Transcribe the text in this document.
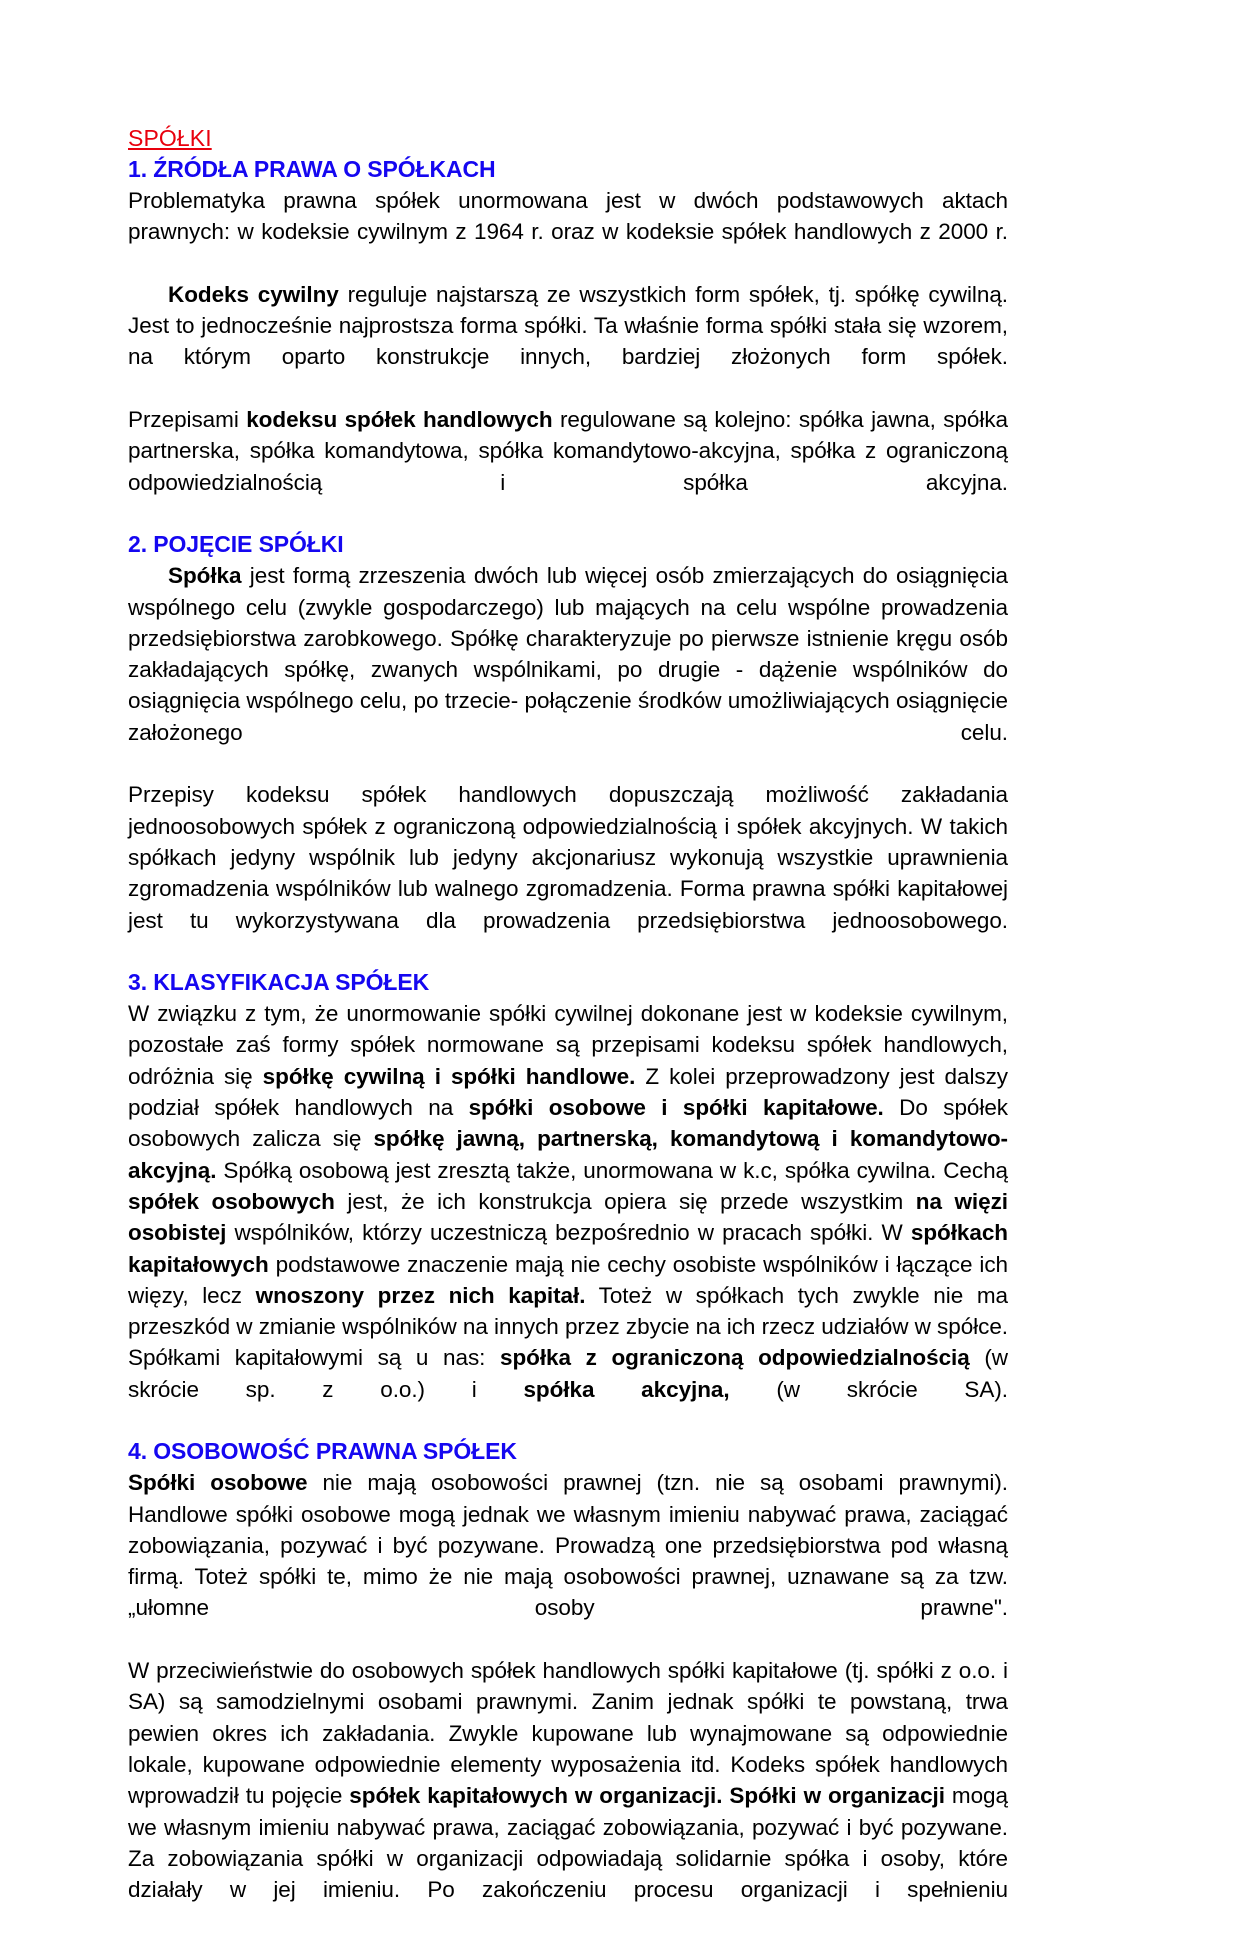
SPÓŁKI
1. ŹRÓDŁA PRAWA O SPÓŁKACH

Problematyka prawna spółek unormowana jest w dwóch podstawowych aktach prawnych: w kodeksie cywilnym z 1964 r. oraz w kodeksie spółek handlowych z 2000 r.

Kodeks cywilny reguluje najstarszą ze wszystkich form spółek, tj. spółkę cywilną. Jest to jednocześnie najprostsza forma spółki. Ta właśnie forma spółki stała się wzorem, na którym oparto konstrukcje innych, bardziej złożonych form spółek.

Przepisami kodeksu spółek handlowych regulowane są kolejno: spółka jawna, spółka partnerska, spółka komandytowa, spółka komandytowo-akcyjna, spółka z ograniczoną odpowiedzialnością i spółka akcyjna.

2. POJĘCIE SPÓŁKI

Spółka jest formą zrzeszenia dwóch lub więcej osób zmierzających do osiągnięcia wspólnego celu (zwykle gospodarczego) lub mających na celu wspólne prowadzenia przedsiębiorstwa zarobkowego. Spółkę charakteryzuje po pierwsze istnienie kręgu osób zakładających spółkę, zwanych wspólnikami, po drugie - dążenie wspólników do osiągnięcia wspólnego celu, po trzecie- połączenie środków umożliwiających osiągnięcie założonego celu.

Przepisy kodeksu spółek handlowych dopuszczają możliwość zakładania jednoosobowych spółek z ograniczoną odpowiedzialnością i spółek akcyjnych. W takich spółkach jedyny wspólnik lub jedyny akcjonariusz wykonują wszystkie uprawnienia zgromadzenia wspólników lub walnego zgromadzenia. Forma prawna spółki kapitałowej jest tu wykorzystywana dla prowadzenia przedsiębiorstwa jednoosobowego.

3. KLASYFIKACJA SPÓŁEK

W związku z tym, że unormowanie spółki cywilnej dokonane jest w kodeksie cywilnym, pozostałe zaś formy spółek normowane są przepisami kodeksu spółek handlowych, odróżnia się spółkę cywilną i spółki handlowe. Z kolei przeprowadzony jest dalszy podział spółek handlowych na spółki osobowe i spółki kapitałowe. Do spółek osobowych zalicza się spółkę jawną, partnerską, komandytową i komandytowo-akcyjną. Spółką osobową jest zresztą także, unormowana w k.c, spółka cywilna. Cechą spółek osobowych jest, że ich konstrukcja opiera się przede wszystkim na więzi osobistej wspólników, którzy uczestniczą bezpośrednio w pracach spółki. W spółkach kapitałowych podstawowe znaczenie mają nie cechy osobiste wspólników i łączące ich więzy, lecz wnoszony przez nich kapitał. Toteż w spółkach tych zwykle nie ma przeszkód w zmianie wspólników na innych przez zbycie na ich rzecz udziałów w spółce. Spółkami kapitałowymi są u nas: spółka z ograniczoną odpowiedzialnością (w skrócie sp. z o.o.) i spółka akcyjna, (w skrócie SA).

4. OSOBOWOŚĆ PRAWNA SPÓŁEK

Spółki osobowe nie mają osobowości prawnej (tzn. nie są osobami prawnymi). Handlowe spółki osobowe mogą jednak we własnym imieniu nabywać prawa, zaciągać zobowiązania, pozywać i być pozywane. Prowadzą one przedsiębiorstwa pod własną firmą. Toteż spółki te, mimo że nie mają osobowości prawnej, uznawane są za tzw. „ułomne osoby prawne".

W przeciwieństwie do osobowych spółek handlowych spółki kapitałowe (tj. spółki z o.o. i SA) są samodzielnymi osobami prawnymi. Zanim jednak spółki te powstaną, trwa pewien okres ich zakładania. Zwykle kupowane lub wynajmowane są odpowiednie lokale, kupowane odpowiednie elementy wyposażenia itd. Kodeks spółek handlowych wprowadził tu pojęcie spółek kapitałowych w organizacji. Spółki w organizacji mogą we własnym imieniu nabywać prawa, zaciągać zobowiązania, pozywać i być pozywane. Za zobowiązania spółki w organizacji odpowiadają solidarnie spółka i osoby, które działały w jej imieniu. Po zakończeniu procesu organizacji i spełnieniu
